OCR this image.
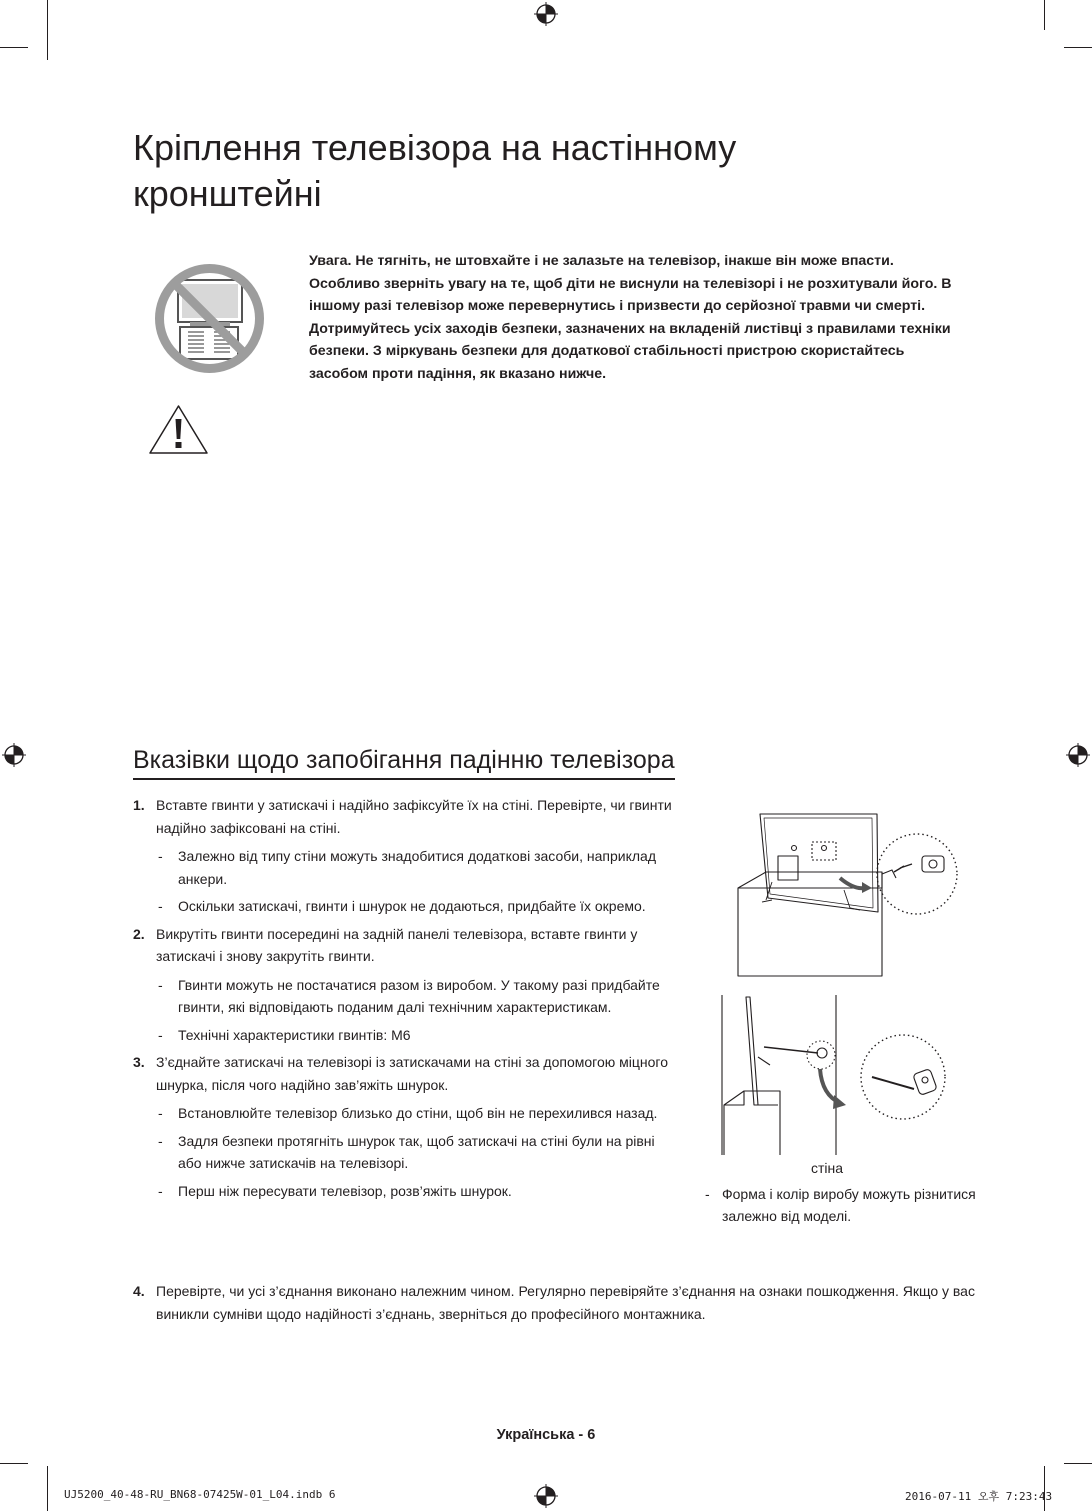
Кріплення телевізора на настінному кронштейні

Увага. Не тягніть, не штовхайте і не залазьте на телевізор, інакше він може впасти. Особливо зверніть увагу на те, щоб діти не виснули на телевізорі і не розхитували його. В іншому разі телевізор може перевернутись і призвести до серйозної травми чи смерті. Дотримуйтесь усіх заходів безпеки, зазначених на вкладеній листівці з правилами техніки безпеки. З міркувань безпеки для додаткової стабільності пристрою скористайтесь засобом проти падіння, як вказано нижче.

Вказівки щодо запобігання падінню телевізора
1. Вставте гвинти у затискачі і надійно зафіксуйте їх на стіні. Перевірте, чи гвинти надійно зафіксовані на стіні.
- Залежно від типу стіни можуть знадобитися додаткові засоби, наприклад анкери.
- Оскільки затискачі, гвинти і шнурок не додаються, придбайте їх окремо.
2. Викрутіть гвинти посередині на задній панелі телевізора, вставте гвинти у затискачі і знову закрутіть гвинти.
- Гвинти можуть не постачатися разом із виробом. У такому разі придбайте гвинти, які відповідають поданим далі технічним характеристикам.
- Технічні характеристики гвинтів: M6
3. З’єднайте затискачі на телевізорі із затискачами на стіні за допомогою міцного шнурка, після чого надійно зав’яжіть шнурок.
- Встановлюйте телевізор близько до стіни, щоб він не перехилився назад.
- Задля безпеки протягніть шнурок так, щоб затискачі на стіні були на рівні або нижче затискачів на телевізорі.
- Перш ніж пересувати телевізор, розв’яжіть шнурок.
4. Перевірте, чи усі з’єднання виконано належним чином. Регулярно перевіряйте з’єднання на ознаки пошкодження. Якщо у вас виникли сумніви щодо надійності з’єднань, зверніться до професійного монтажника.
стіна
- Форма і колір виробу можуть різнитися залежно від моделі.
Українська - 6
UJ5200_40-48-RU_BN68-07425W-01_L04.indb 6	2016-07-11 오후 7:23:43
